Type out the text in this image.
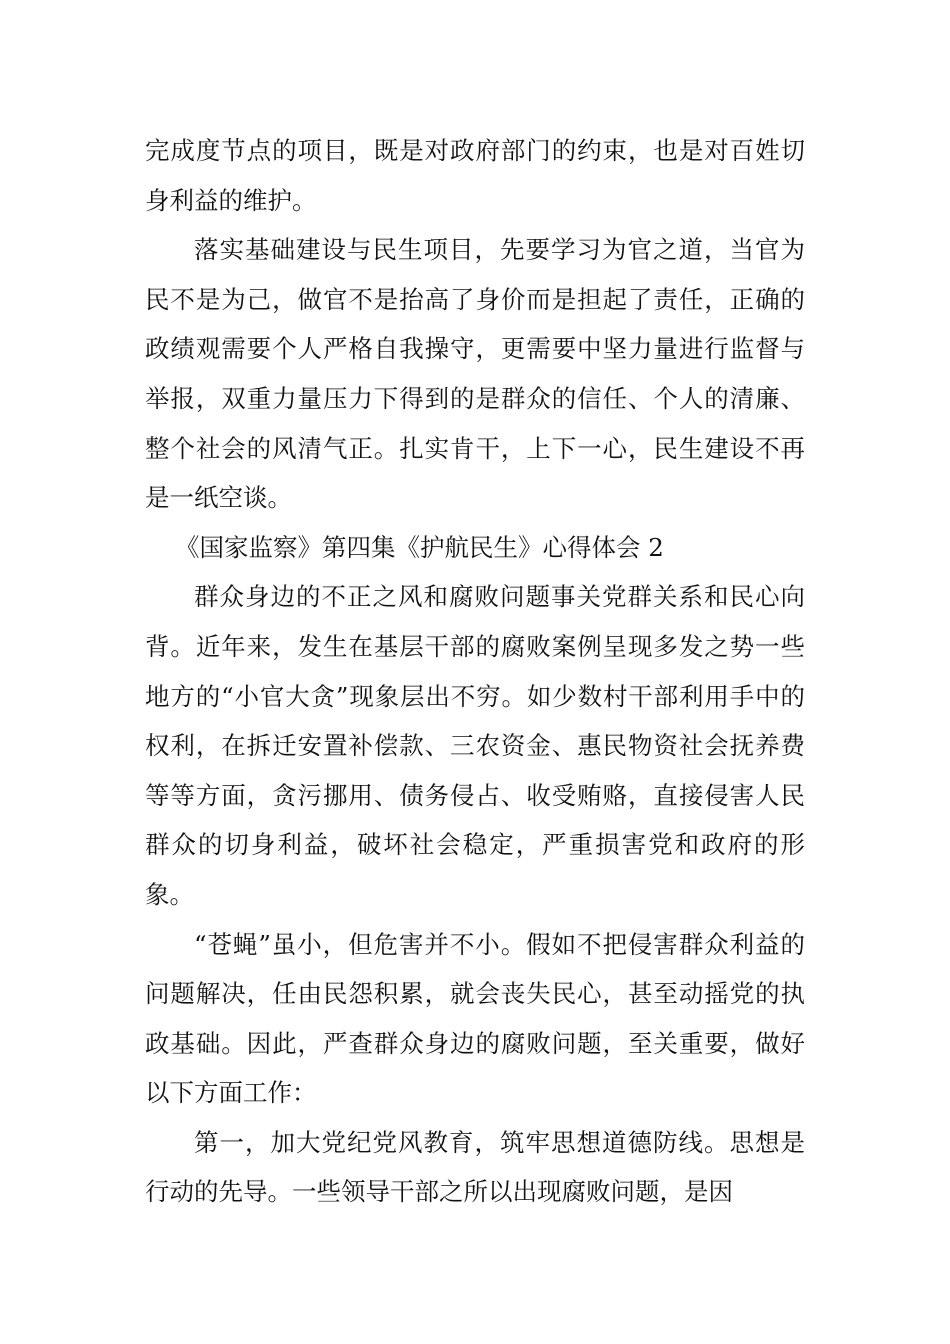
完成度节点的项目，既是对政府部门的约束，也是对百姓切身利益的维护。

落实基础建设与民生项目，先要学习为官之道，当官为民不是为己，做官不是抬高了身价而是担起了责任，正确的政绩观需要个人严格自我操守，更需要中坚力量进行监督与举报，双重力量压力下得到的是群众的信任、个人的清廉、整个社会的风清气正。扎实肯干，上下一心，民生建设不再是一纸空谈。

《国家监察》第四集《护航民生》心得体会 2

群众身边的不正之风和腐败问题事关党群关系和民心向背。近年来，发生在基层干部的腐败案例呈现多发之势一些地方的“小官大贪”现象层出不穷。如少数村干部利用手中的权利，在拆迁安置补偿款、三农资金、惠民物资社会抚养费等等方面，贪污挪用、债务侵占、收受贿赂，直接侵害人民群众的切身利益，破坏社会稳定，严重损害党和政府的形象。

“苍蝇”虽小，但危害并不小。假如不把侵害群众利益的问题解决，任由民怨积累，就会丧失民心，甚至动摇党的执政基础。因此，严查群众身边的腐败问题，至关重要，做好以下方面工作：

第一，加大党纪党风教育，筑牢思想道德防线。思想是行动的先导。一些领导干部之所以出现腐败问题，是因
